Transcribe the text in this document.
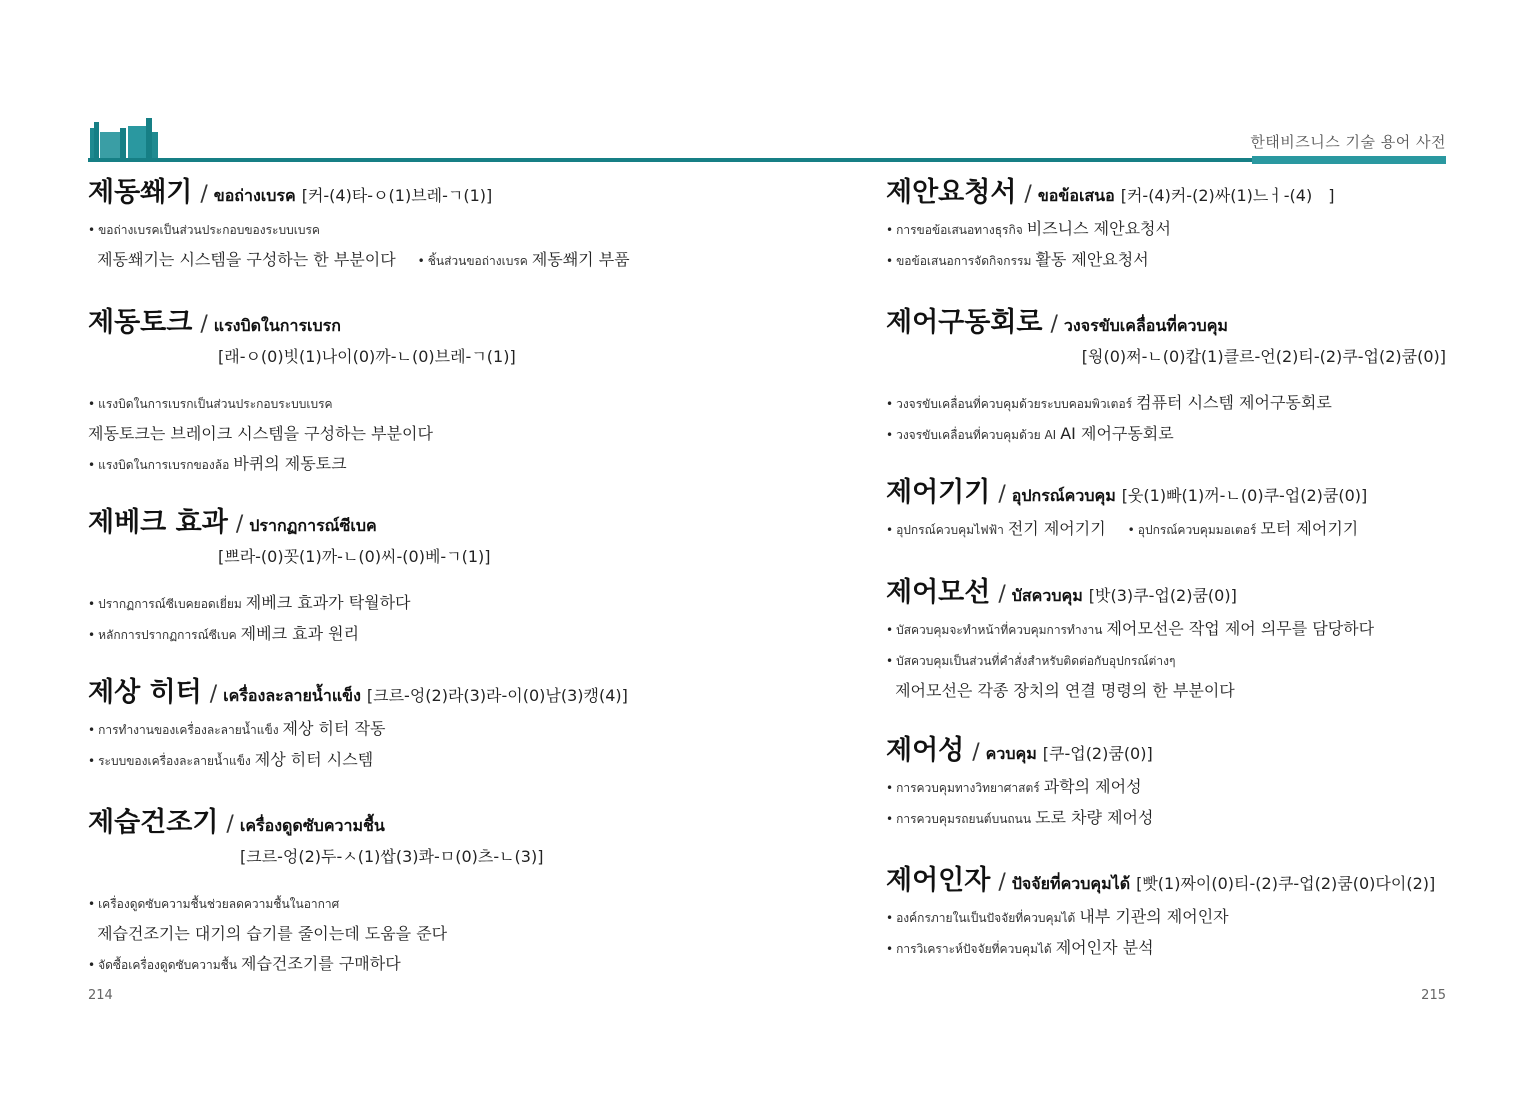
한태비즈니스 기술 용어 사전
제동쐐기 / ขอถ่างเบรค [커-(4)타-ㅇ(1)브레-ㄱ(1)]
• ขอถ่างเบรคเป็นส่วนประกอบของระบบเบรค
제동쐐기는 시스템을 구성하는 한 부분이다 • ชิ้นส่วนขอถ่างเบรค 제동쐐기 부품
제동토크 / แรงบิดในการเบรก
[래-ㅇ(0)빗(1)나이(0)까-ㄴ(0)브레-ㄱ(1)]
• แรงบิดในการเบรกเป็นส่วนประกอบระบบเบรค
제동토크는 브레이크 시스템을 구성하는 부분이다
• แรงบิดในการเบรกของล้อ 바퀴의 제동토크
제베크 효과 / ปรากฏการณ์ซีเบค
[쁘라-(0)꼿(1)까-ㄴ(0)씨-(0)베-ㄱ(1)]
• ปรากฏการณ์ซีเบคยอดเยี่ยม 제베크 효과가 탁월하다
• หลักการปรากฏการณ์ซีเบค 제베크 효과 원리
제상 히터 / เครื่องละลายน้ำแข็ง [크르-엉(2)라(3)라-이(0)남(3)캥(4)]
• การทำงานของเครื่องละลายน้ำแข็ง 제상 히터 작동
• ระบบของเครื่องละลายน้ำแข็ง 제상 히터 시스템
제습건조기 / เครื่องดูดซับความชื้น
[크르-엉(2)두-ㅅ(1)쌉(3)콰-ㅁ(0)츠-ㄴ(3)]
• เครื่องดูดซับความชื้นช่วยลดความชื้นในอากาศ
제습건조기는 대기의 습기를 줄이는데 도움을 준다
• จัดซื้อเครื่องดูดซับความชื้น 제습건조기를 구매하다
제안요청서 / ขอข้อเสนอ [커-(4)커-(2)싸(1)느ㅓ-(4)　]
• การขอข้อเสนอทางธุรกิจ 비즈니스 제안요청서
• ขอข้อเสนอการจัดกิจกรรม 활동 제안요청서
제어구동회로 / วงจรขับเคลื่อนที่ควบคุม
[웡(0)쩌-ㄴ(0)캅(1)클르-언(2)티-(2)쿠-업(2)쿰(0)]
• วงจรขับเคลื่อนที่ควบคุมด้วยระบบคอมพิวเตอร์ 컴퓨터 시스템 제어구동회로
• วงจรขับเคลื่อนที่ควบคุมด้วย AI AI 제어구동회로
제어기기 / อุปกรณ์ควบคุม [웃(1)빠(1)꺼-ㄴ(0)쿠-업(2)쿰(0)]
• อุปกรณ์ควบคุมไฟฟ้า 전기 제어기기 • อุปกรณ์ควบคุมมอเตอร์ 모터 제어기기
제어모선 / บัสควบคุม [밧(3)쿠-업(2)쿰(0)]
• บัสควบคุมจะทำหน้าที่ควบคุมการทำงาน 제어모선은 작업 제어 의무를 담당하다
• บัสควบคุมเป็นส่วนที่คำสั่งสำหรับติดต่อกับอุปกรณ์ต่างๆ
제어모선은 각종 장치의 연결 명령의 한 부분이다
제어성 / ควบคุม [쿠-업(2)쿰(0)]
• การควบคุมทางวิทยาศาสตร์ 과학의 제어성
• การควบคุมรถยนต์บนถนน 도로 차량 제어성
제어인자 / ปัจจัยที่ควบคุมได้ [빳(1)짜이(0)티-(2)쿠-업(2)쿰(0)다이(2)]
• องค์กรภายในเป็นปัจจัยที่ควบคุมได้ 내부 기관의 제어인자
• การวิเคราะห์ปัจจัยที่ควบคุมได้ 제어인자 분석
214	215
